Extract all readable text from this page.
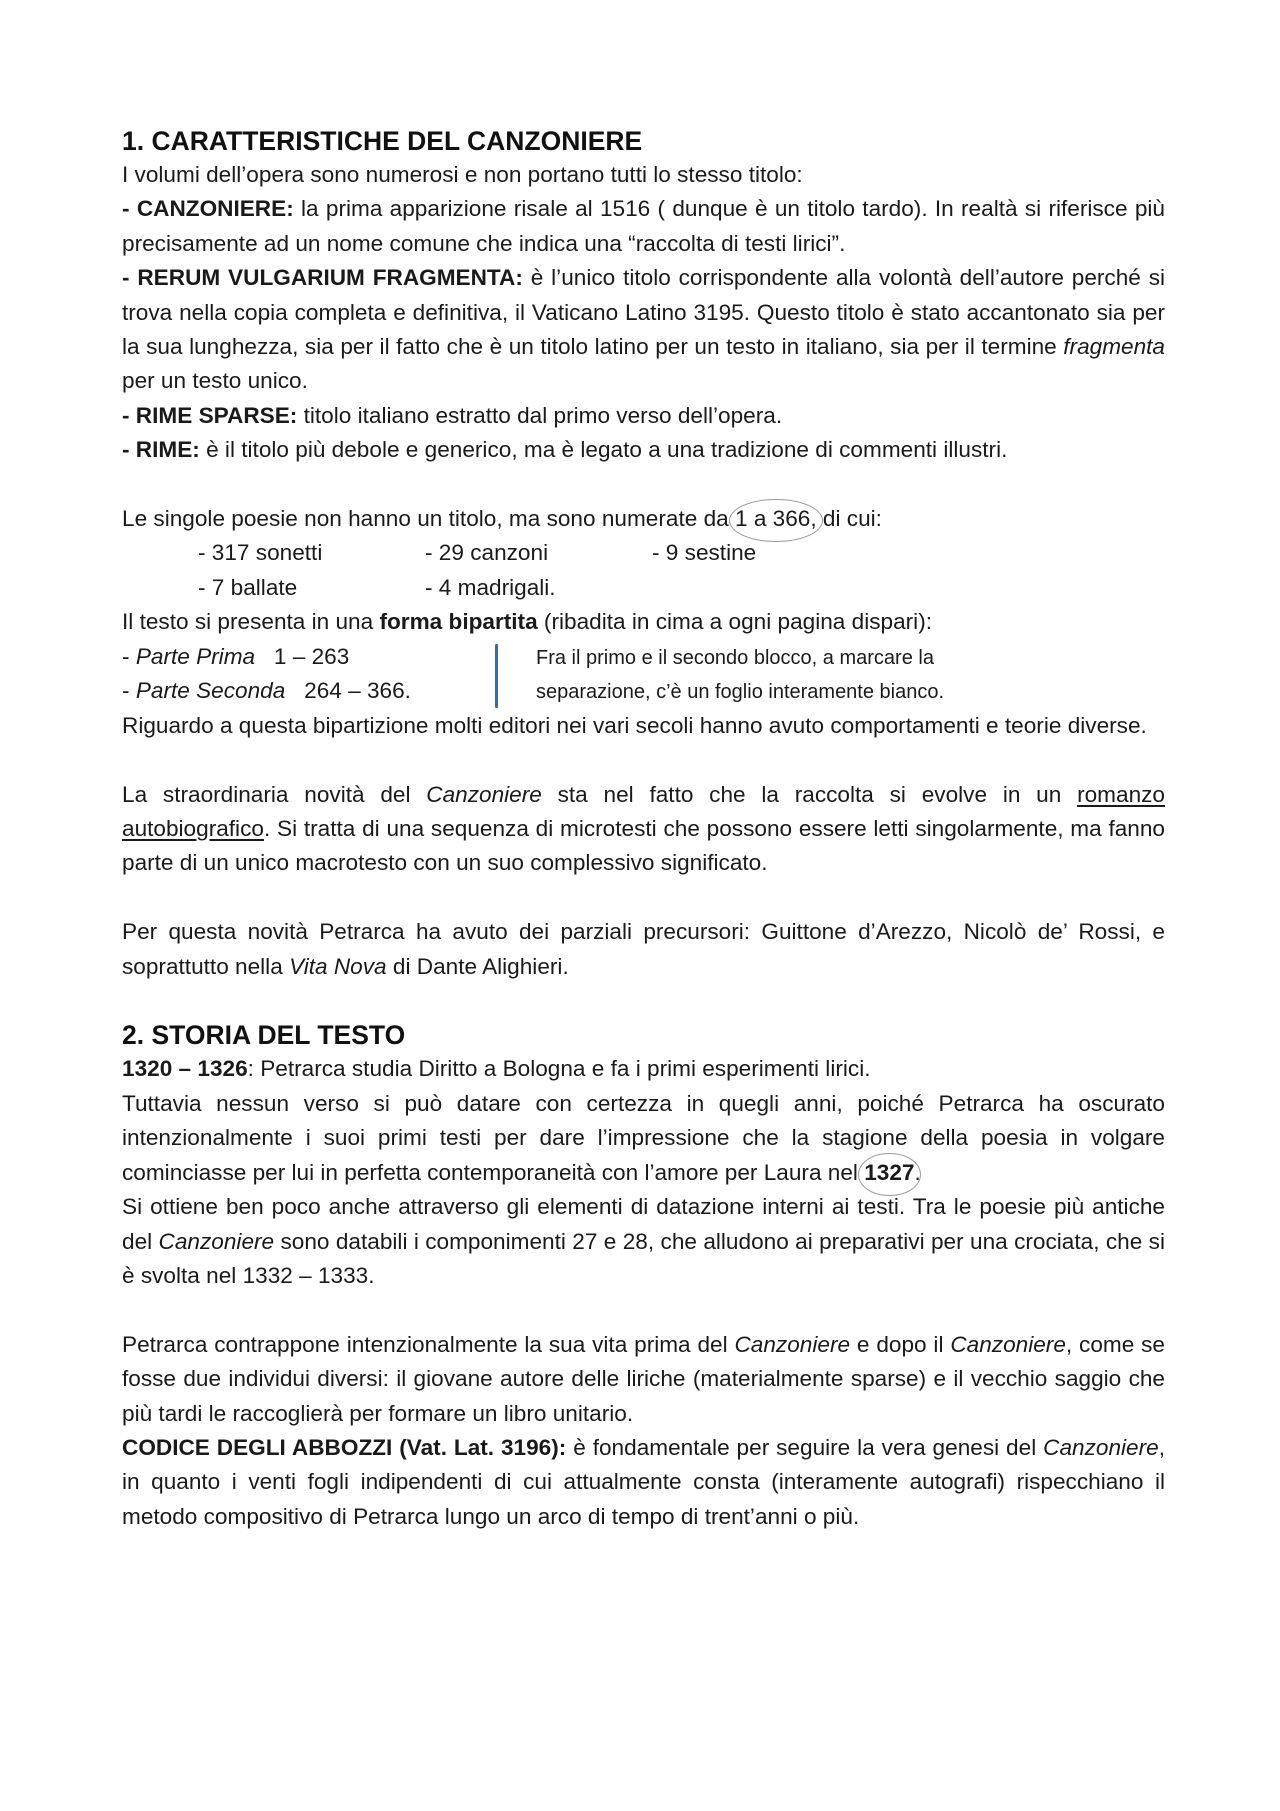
1. CARATTERISTICHE DEL CANZONIERE

I volumi dell’opera sono numerosi e non portano tutti lo stesso titolo:

- CANZONIERE: la prima apparizione risale al 1516 ( dunque è un titolo tardo). In realtà si riferisce più precisamente ad un nome comune che indica una “raccolta di testi lirici”.

- RERUM VULGARIUM FRAGMENTA: è l’unico titolo corrispondente alla volontà dell’autore perché si trova nella copia completa e definitiva, il Vaticano Latino 3195. Questo titolo è stato accantonato sia per la sua lunghezza, sia per il fatto che è un titolo latino per un testo in italiano, sia per il termine fragmenta per un testo unico.

- RIME SPARSE: titolo italiano estratto dal primo verso dell’opera.

- RIME: è il titolo più debole e generico, ma è legato a una tradizione di commenti illustri.

Le singole poesie non hanno un titolo, ma sono numerate da 1 a 366, di cui:

- 317 sonetti	- 29 canzoni	- 9 sestine
- 7 ballate	- 4 madrigali.

Il testo si presenta in una forma bipartita (ribadita in cima a ogni pagina dispari):

- Parte Prima   1 – 263
- Parte Seconda   264 – 366.
Fra il primo e il secondo blocco, a marcare la
separazione, c’è un foglio interamente bianco.

Riguardo a questa bipartizione molti editori nei vari secoli hanno avuto comportamenti e teorie diverse.

La straordinaria novità del Canzoniere sta nel fatto che la raccolta si evolve in un romanzo autobiografico. Si tratta di una sequenza di microtesti che possono essere letti singolarmente, ma fanno parte di un unico macrotesto con un suo complessivo significato.

Per questa novità Petrarca ha avuto dei parziali precursori: Guittone d’Arezzo, Nicolò de’ Rossi, e soprattutto nella Vita Nova di Dante Alighieri.

2. STORIA DEL TESTO

1320 – 1326: Petrarca studia Diritto a Bologna e fa i primi esperimenti lirici.

Tuttavia nessun verso si può datare con certezza in quegli anni, poiché Petrarca ha oscurato intenzionalmente i suoi primi testi per dare l’impressione che la stagione della poesia in volgare cominciasse per lui in perfetta contemporaneità con l’amore per Laura nel 1327.

Si ottiene ben poco anche attraverso gli elementi di datazione interni ai testi. Tra le poesie più antiche del Canzoniere sono databili i componimenti 27 e 28, che alludono ai preparativi per una crociata, che si è svolta nel 1332 – 1333.

Petrarca contrappone intenzionalmente la sua vita prima del Canzoniere e dopo il Canzoniere, come se fosse due individui diversi: il giovane autore delle liriche (materialmente sparse) e il vecchio saggio che più tardi le raccoglierà per formare un libro unitario.

CODICE DEGLI ABBOZZI (Vat. Lat. 3196): è fondamentale per seguire la vera genesi del Canzoniere, in quanto i venti fogli indipendenti di cui attualmente consta (interamente autografi) rispecchiano il metodo compositivo di Petrarca lungo un arco di tempo di trent’anni o più.
